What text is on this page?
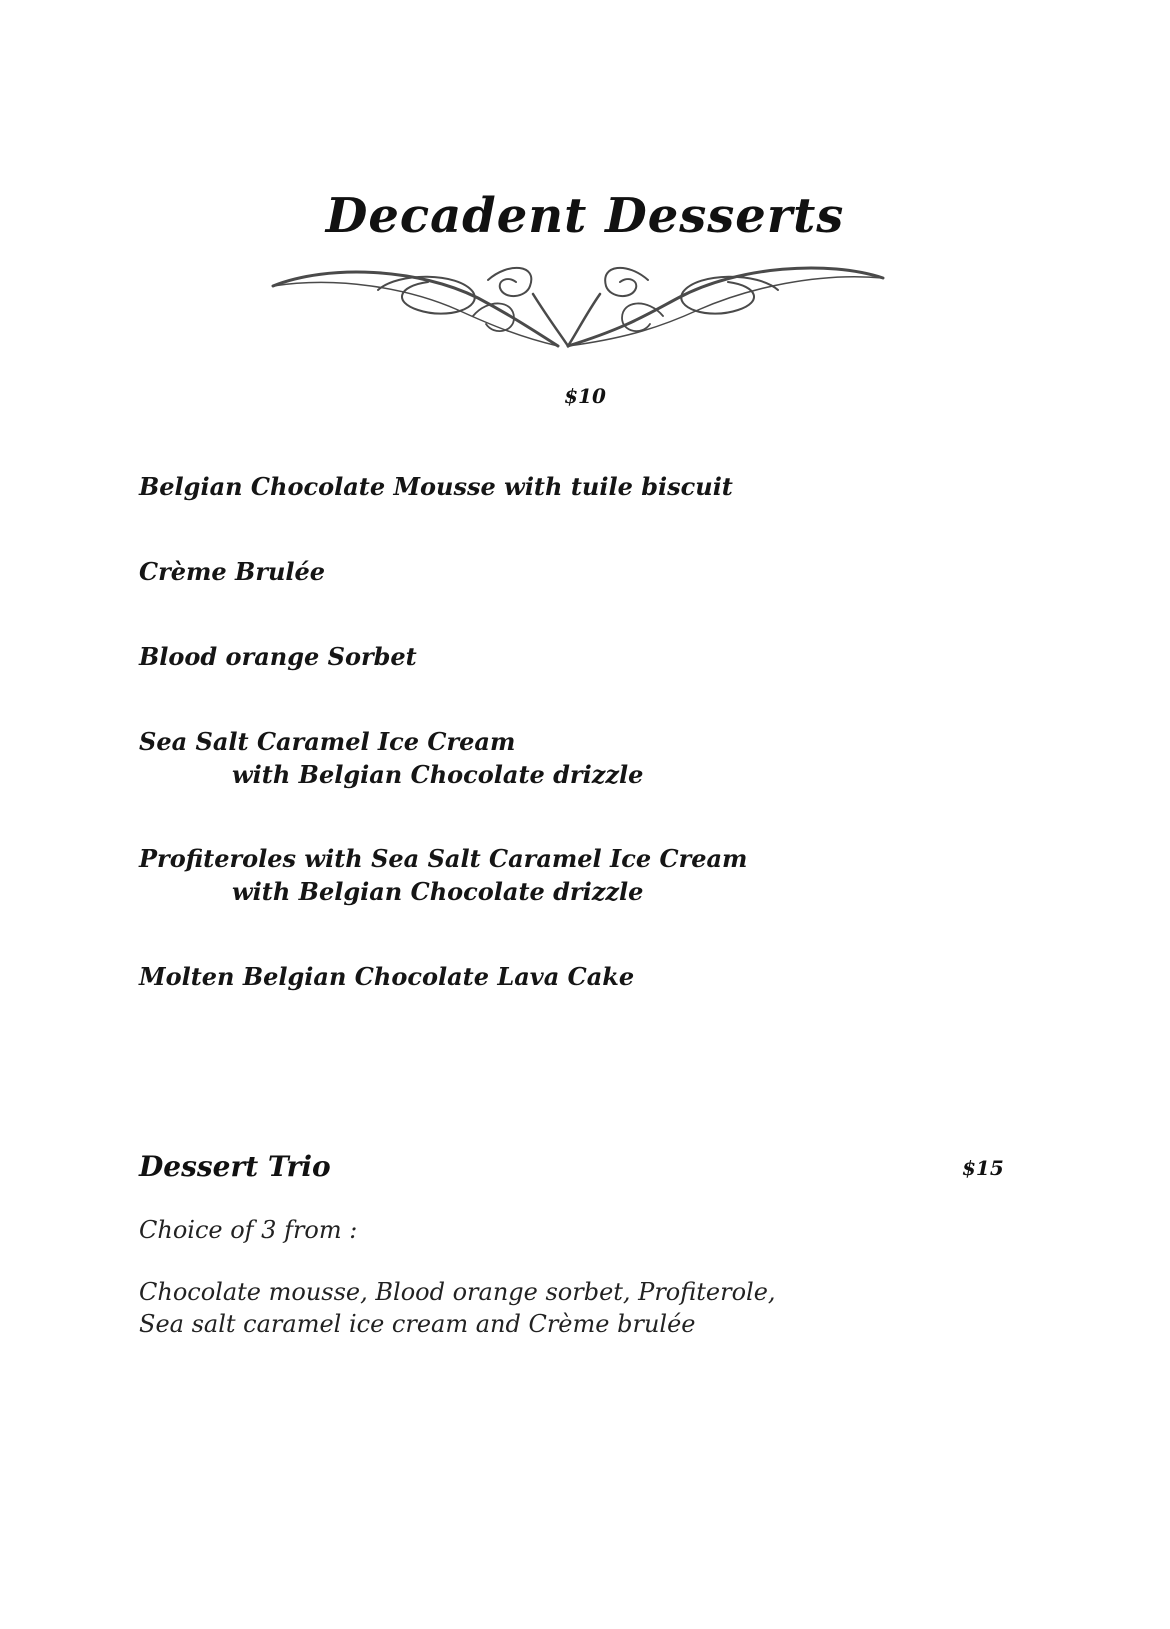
Decadent Desserts
$10
Belgian Chocolate Mousse with tuile biscuit
Crème Brulée
Blood orange Sorbet
Sea Salt Caramel Ice Cream
with Belgian Chocolate drizzle
Profiteroles with Sea Salt Caramel Ice Cream
with Belgian Chocolate drizzle
Molten Belgian Chocolate Lava Cake
Dessert Trio	$15
Choice of 3 from :
Chocolate mousse, Blood orange sorbet, Profiterole,
Sea salt caramel ice cream and Crème brulée
